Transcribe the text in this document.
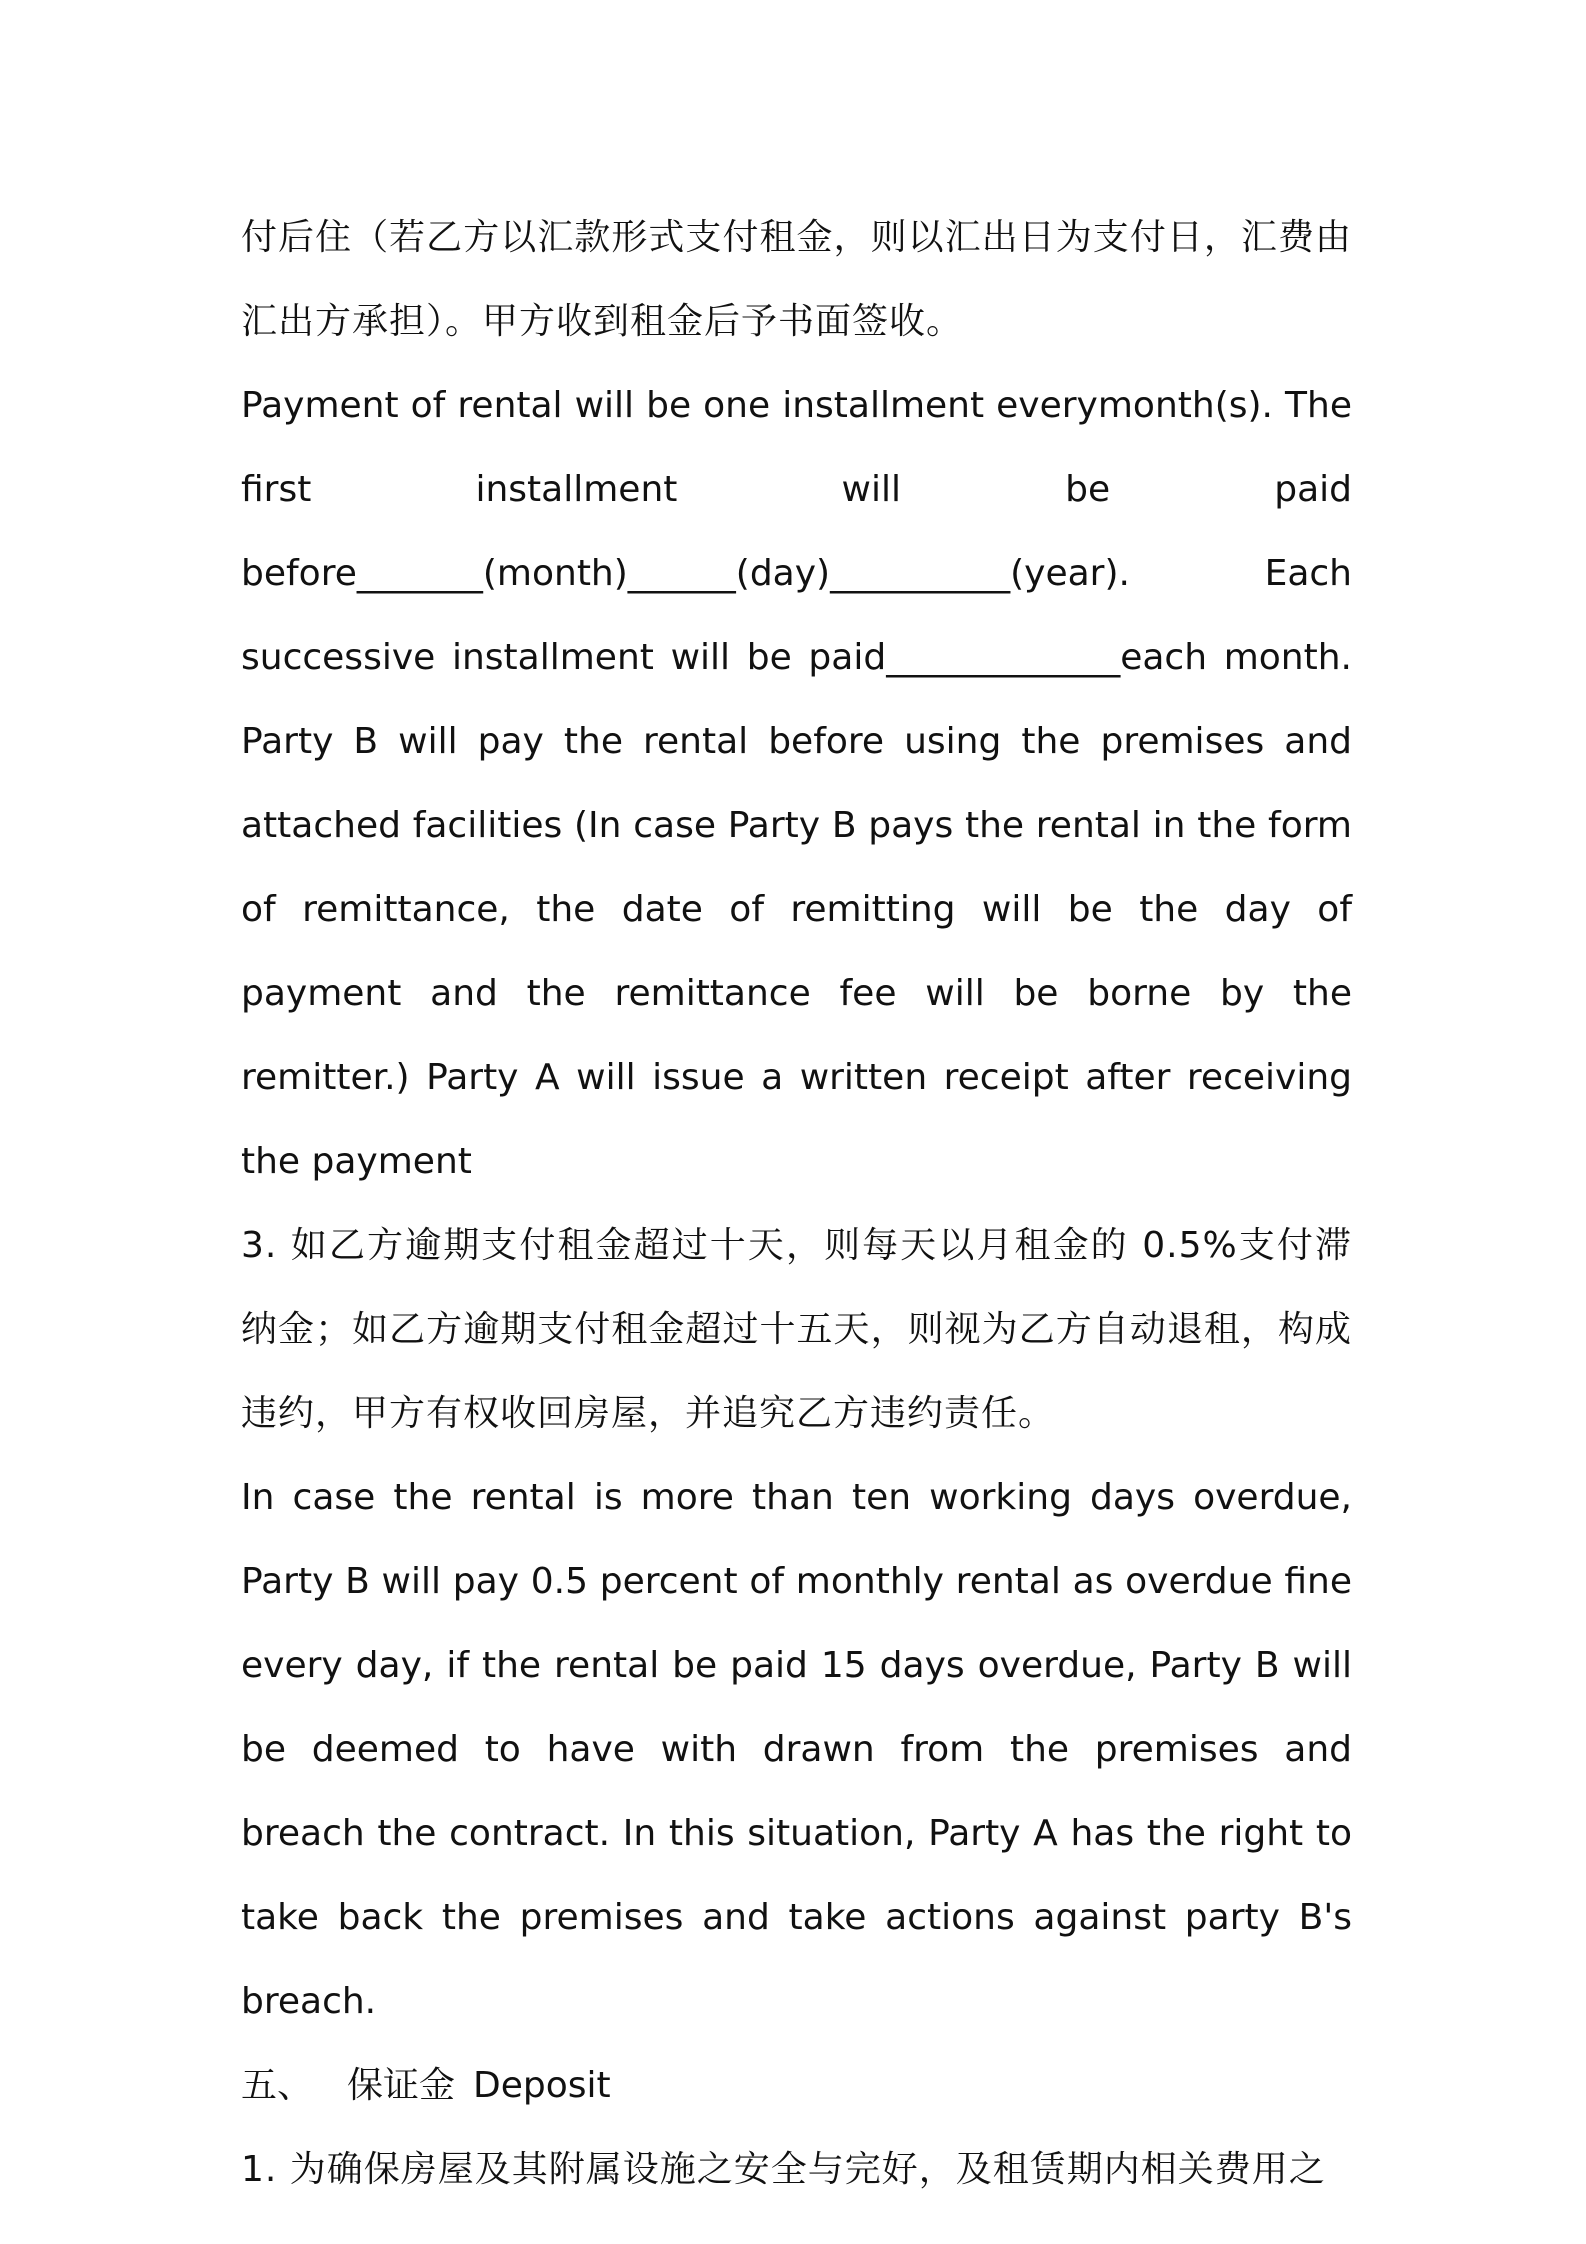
付后住（若乙方以汇款形式支付租金，则以汇出日为支付日，汇费由汇出方承担）。甲方收到租金后予书面签收。

Payment of rental will be one installment everymonth(s). The first installment will be paid before_______(month)______(day)__________(year). Each successive installment will be paid_____________each month. Party B will pay the rental before using the premises and attached facilities (In case Party B pays the rental in the form of remittance, the date of remitting will be the day of payment and the remittance fee will be borne by the remitter.) Party A will issue a written receipt after receiving the payment

3. 如乙方逾期支付租金超过十天，则每天以月租金的 0.5%支付滞纳金；如乙方逾期支付租金超过十五天，则视为乙方自动退租，构成违约，甲方有权收回房屋，并追究乙方违约责任。

In case the rental is more than ten working days overdue, Party B will pay 0.5 percent of monthly rental as overdue fine every day, if the rental be paid 15 days overdue, Party B will be deemed to have with drawn from the premises and breach the contract. In this situation, Party A has the right to take back the premises and take actions against party B's breach.

五、 保证金 Deposit

1. 为确保房屋及其附属设施之安全与完好，及租赁期内相关费用之
